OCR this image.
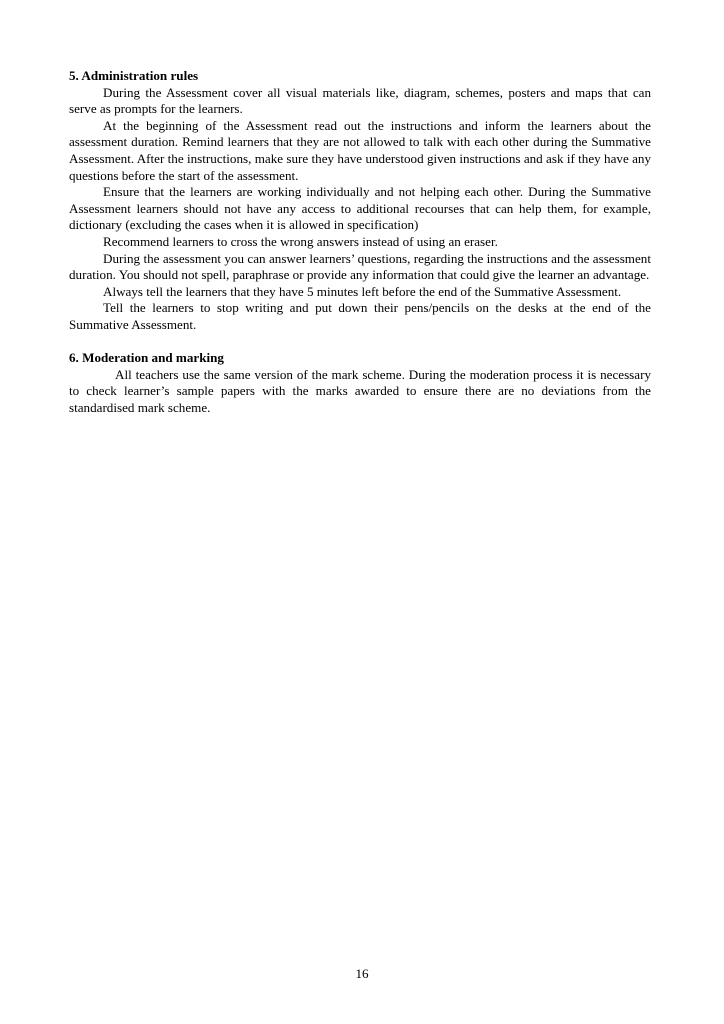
5. Administration rules

During the Assessment cover all visual materials like, diagram, schemes, posters and maps that can serve as prompts for the learners.

At the beginning of the Assessment read out the instructions and inform the learners about the assessment duration. Remind learners that they are not allowed to talk with each other during the Summative Assessment. After the instructions, make sure they have understood given instructions and ask if they have any questions before the start of the assessment.

Ensure that the learners are working individually and not helping each other. During the Summative Assessment learners should not have any access to additional recourses that can help them, for example, dictionary (excluding the cases when it is allowed in specification)

Recommend learners to cross the wrong answers instead of using an eraser.

During the assessment you can answer learners’ questions, regarding the instructions and the assessment duration. You should not spell, paraphrase or provide any information that could give the learner an advantage.

Always tell the learners that they have 5 minutes left before the end of the Summative Assessment.

Tell the learners to stop writing and put down their pens/pencils on the desks at the end of the Summative Assessment.

6. Moderation and marking

All teachers use the same version of the mark scheme. During the moderation process it is necessary to check learner’s sample papers with the marks awarded to ensure there are no deviations from the standardised mark scheme.

16
